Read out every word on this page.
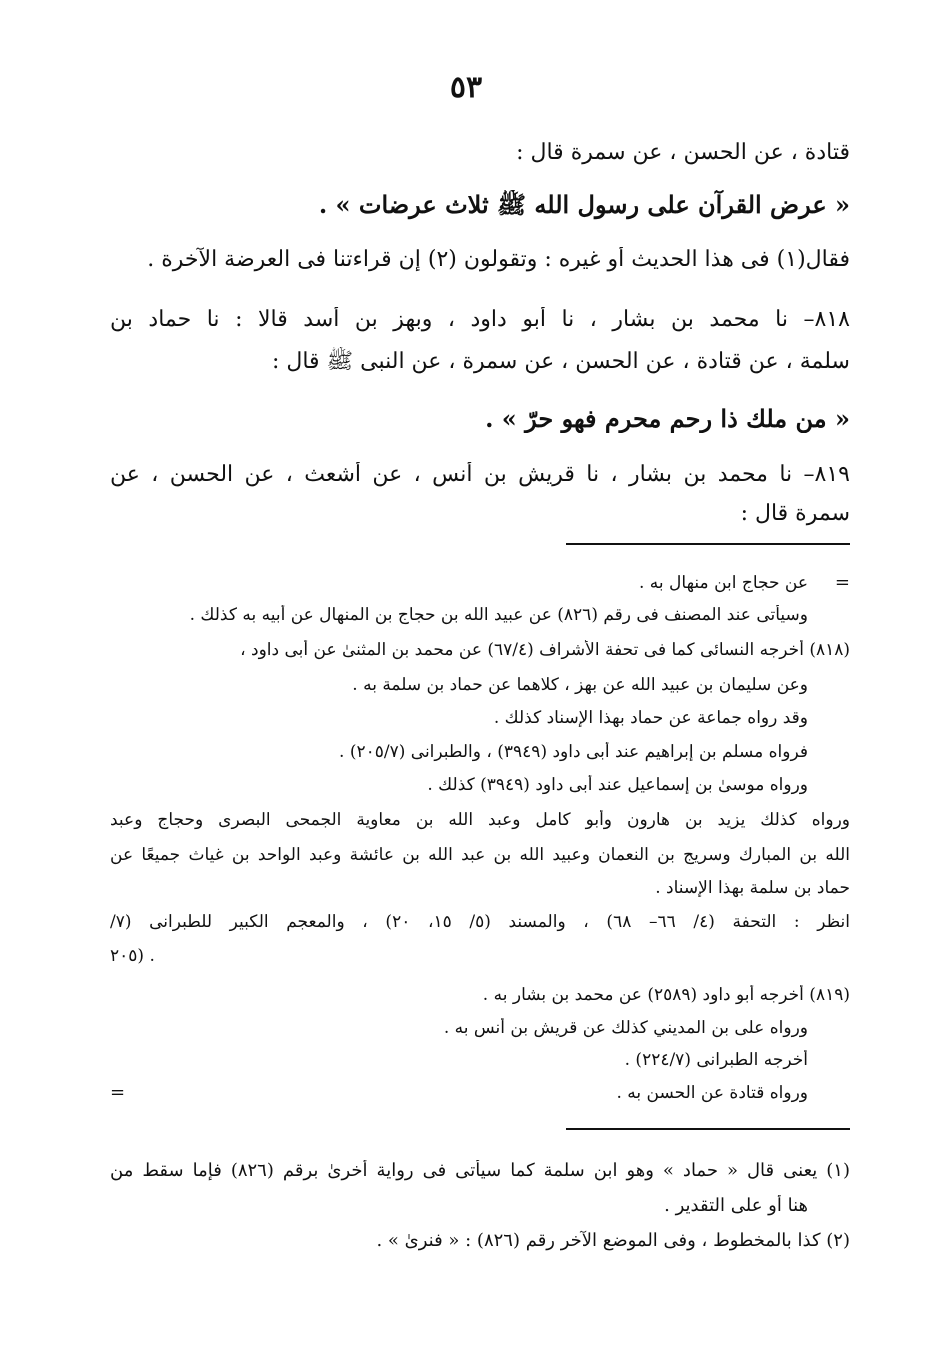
٥٣
قتادة ، عن الحسن ، عن سمرة قال :
« عرض القرآن على رسول الله ﷺ ثلاث عرضات » .
فقال(١) فى هذا الحديث أو غيره : وتقولون (٢) إن قراءتنا فى العرضة الآخرة .
٨١٨– نا محمد بن بشار ، نا أبو داود ، وبهز بن أسد قالا : نا حماد بن
سلمة ، عن قتادة ، عن الحسن ، عن سمرة ، عن النبى ﷺ قال :
« من ملك ذا رحم محرم فهو حرّ » .
٨١٩– نا محمد بن بشار ، نا قريش بن أنس ، عن أشعث ، عن الحسن ، عن
سمرة قال :
=
عن حجاج ابن منهال به .
وسيأتى عند المصنف فى رقم (٨٢٦) عن عبيد الله بن حجاج بن المنهال عن أبيه به كذلك .
(٨١٨) أخرجه النسائى كما فى تحفة الأشراف (٦٧/٤) عن محمد بن المثنىٰ عن أبى داود ،
وعن سليمان بن عبيد الله عن بهز ، كلاهما عن حماد بن سلمة به .
وقد رواه جماعة عن حماد بهذا الإسناد كذلك .
فرواه مسلم بن إبراهيم عند أبى داود (٣٩٤٩) ، والطبرانى (٢٠٥/٧) .
ورواه موسىٰ بن إسماعيل عند أبى داود (٣٩٤٩) كذلك .
ورواه كذلك يزيد بن هارون وأبو كامل وعبد الله بن معاوية الجمحى البصرى وحجاج وعبد
الله بن المبارك وسريج بن النعمان وعبيد الله بن عبد الله بن عائشة وعبد الواحد بن غياث جميعًا عن
حماد بن سلمة بهذا الإسناد .
انظر : التحفة (٤/ ٦٦– ٦٨) ، والمسند (٥/ ١٥، ٢٠) ، والمعجم الكبير للطبرانى (٧/
٢٠٥) .
(٨١٩) أخرجه أبو داود (٢٥٨٩) عن محمد بن بشار به .
ورواه على بن المديني كذلك عن قريش بن أنس به .
أخرجه الطبرانى (٢٢٤/٧) .
ورواه قتادة عن الحسن به .
=
(١) يعنى قال « حماد » وهو ابن سلمة كما سيأتى فى رواية أخرىٰ برقم (٨٢٦) فإما سقط من
هنا أو على التقدير .
(٢) كذا بالمخطوط ، وفى الموضع الآخر رقم (٨٢٦) : « فنرىٰ » .
